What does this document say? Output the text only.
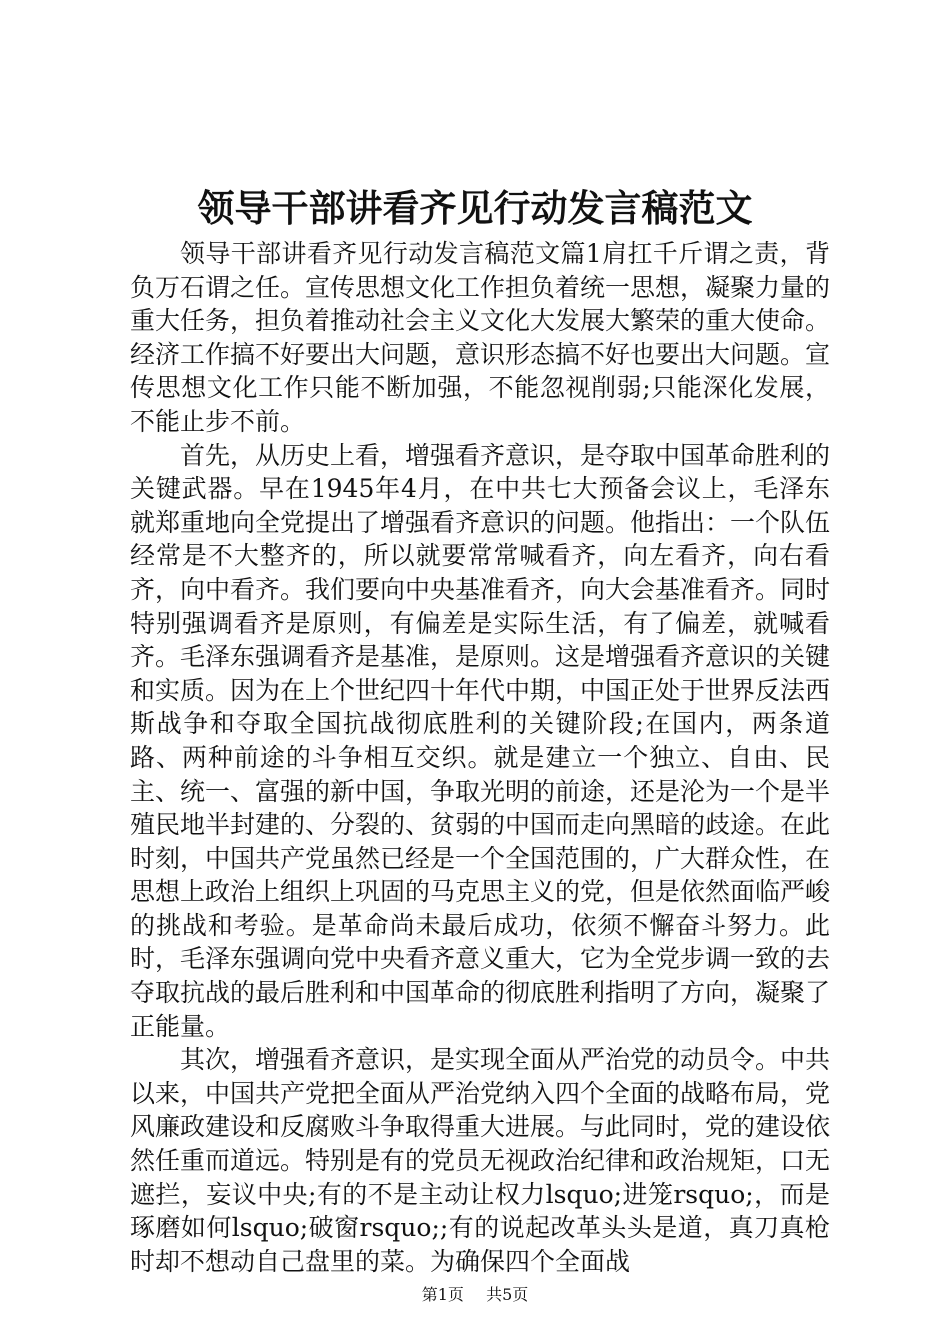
领导干部讲看齐见行动发言稿范文

领导干部讲看齐见行动发言稿范文篇1肩扛千斤谓之责，背负万石谓之任。宣传思想文化工作担负着统一思想，凝聚力量的重大任务，担负着推动社会主义文化大发展大繁荣的重大使命。经济工作搞不好要出大问题，意识形态搞不好也要出大问题。宣传思想文化工作只能不断加强，不能忽视削弱;只能深化发展，不能止步不前。

首先，从历史上看，增强看齐意识，是夺取中国革命胜利的关键武器。早在1945年4月，在中共七大预备会议上，毛泽东就郑重地向全党提出了增强看齐意识的问题。他指出：一个队伍经常是不大整齐的，所以就要常常喊看齐，向左看齐，向右看齐，向中看齐。我们要向中央基准看齐，向大会基准看齐。同时特别强调看齐是原则，有偏差是实际生活，有了偏差，就喊看齐。毛泽东强调看齐是基准，是原则。这是增强看齐意识的关键和实质。因为在上个世纪四十年代中期，中国正处于世界反法西斯战争和夺取全国抗战彻底胜利的关键阶段;在国内，两条道路、两种前途的斗争相互交织。就是建立一个独立、自由、民主、统一、富强的新中国，争取光明的前途，还是沦为一个是半殖民地半封建的、分裂的、贫弱的中国而走向黑暗的歧途。在此时刻，中国共产党虽然已经是一个全国范围的，广大群众性，在思想上政治上组织上巩固的马克思主义的党，但是依然面临严峻的挑战和考验。是革命尚未最后成功，依须不懈奋斗努力。此时，毛泽东强调向党中央看齐意义重大，它为全党步调一致的去夺取抗战的最后胜利和中国革命的彻底胜利指明了方向，凝聚了正能量。

其次，增强看齐意识，是实现全面从严治党的动员令。中共以来，中国共产党把全面从严治党纳入四个全面的战略布局，党风廉政建设和反腐败斗争取得重大进展。与此同时，党的建设依然任重而道远。特别是有的党员无视政治纪律和政治规矩，口无遮拦，妄议中央;有的不是主动让权力lsquo;进笼rsquo;，而是琢磨如何lsquo;破窗rsquo;;有的说起改革头头是道，真刀真枪时却不想动自己盘里的菜。为确保四个全面战

第1页 共5页
